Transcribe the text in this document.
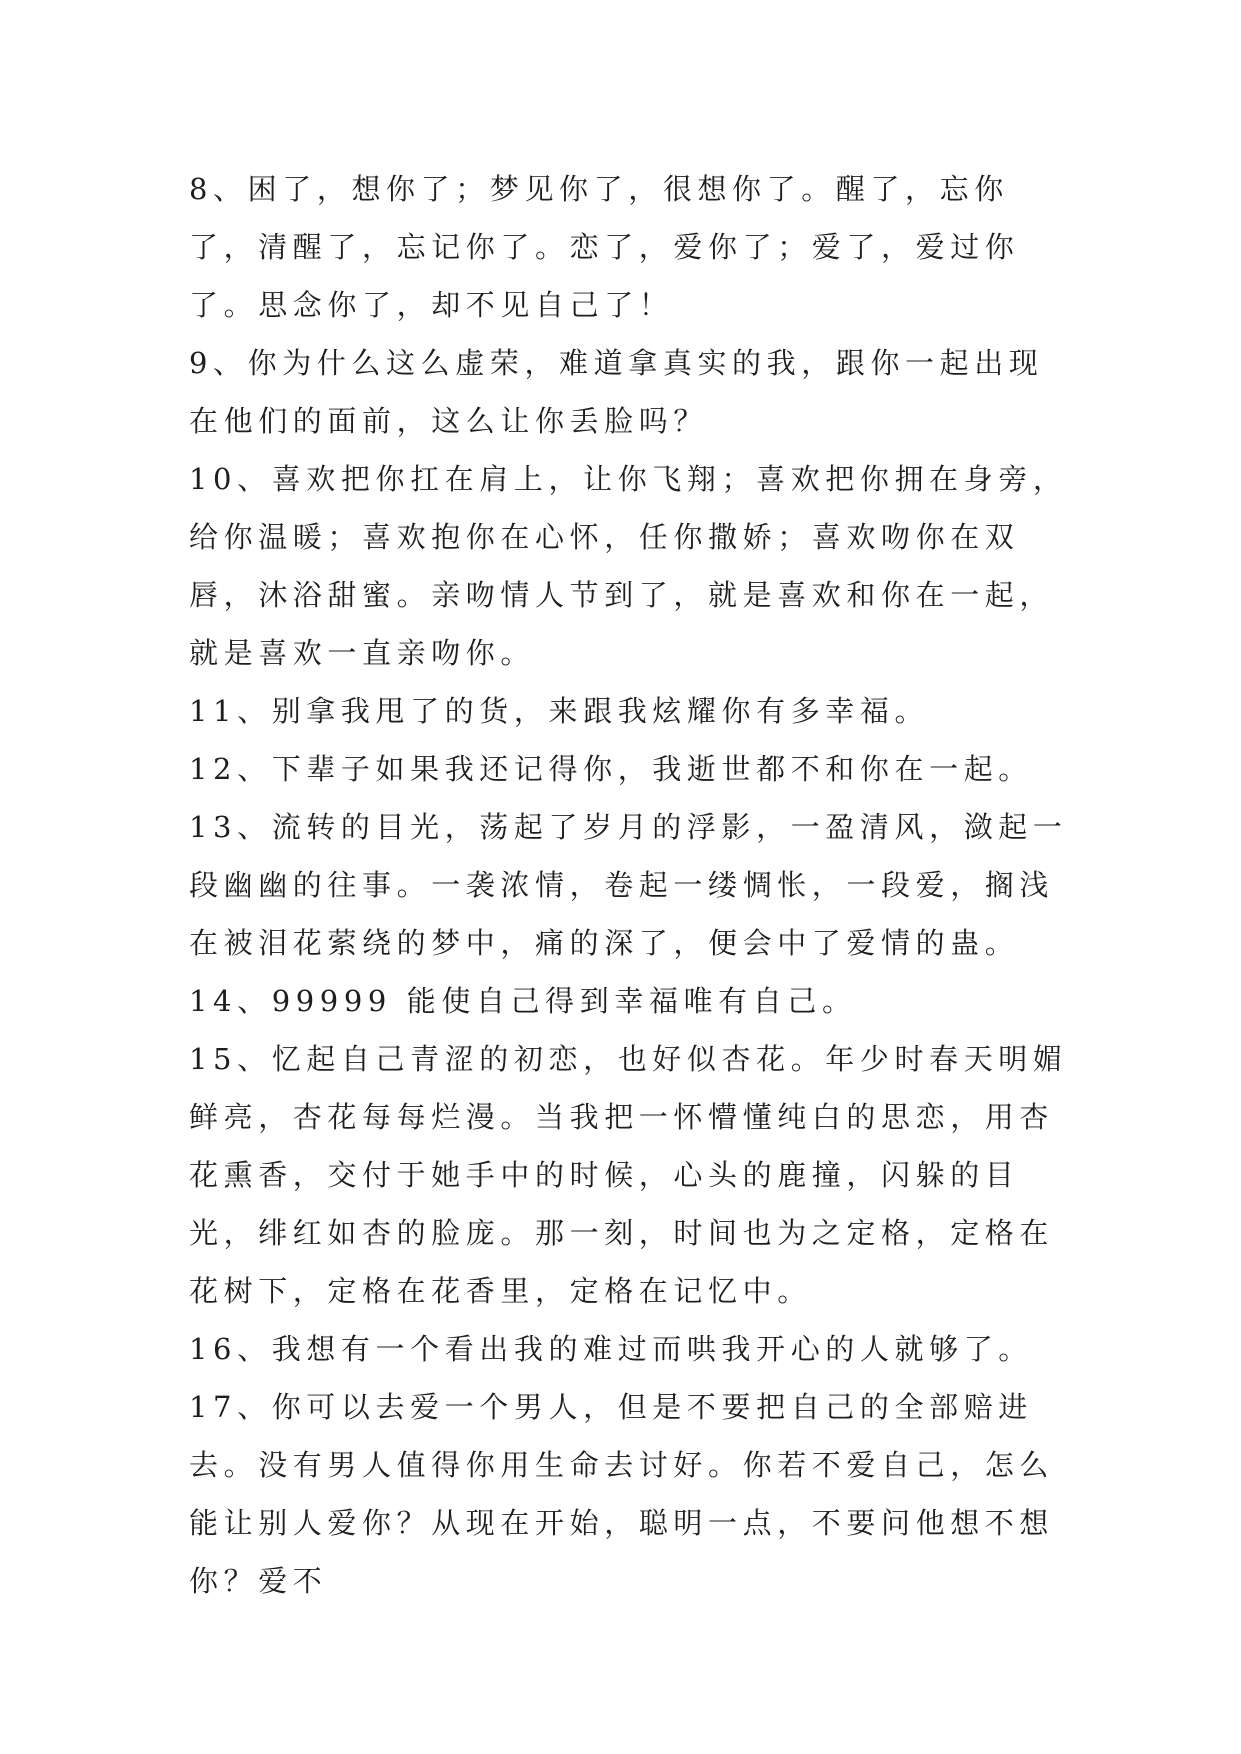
8、困了，想你了；梦见你了，很想你了。醒了，忘你了，清醒了，忘记你了。恋了，爱你了；爱了，爱过你了。思念你了，却不见自己了！

9、你为什么这么虚荣，难道拿真实的我，跟你一起出现在他们的面前，这么让你丢脸吗？

10、喜欢把你扛在肩上，让你飞翔；喜欢把你拥在身旁，给你温暖；喜欢抱你在心怀，任你撒娇；喜欢吻你在双唇，沐浴甜蜜。亲吻情人节到了，就是喜欢和你在一起，就是喜欢一直亲吻你。

11、别拿我甩了的货，来跟我炫耀你有多幸福。

12、下辈子如果我还记得你，我逝世都不和你在一起。

13、流转的目光，荡起了岁月的浮影，一盈清风，潋起一段幽幽的往事。一袭浓情，卷起一缕惆怅，一段爱，搁浅在被泪花萦绕的梦中，痛的深了，便会中了爱情的蛊。

14、99999 能使自己得到幸福唯有自己。

15、忆起自己青涩的初恋，也好似杏花。年少时春天明媚鲜亮，杏花每每烂漫。当我把一怀懵懂纯白的思恋，用杏花熏香，交付于她手中的时候，心头的鹿撞，闪躲的目光，绯红如杏的脸庞。那一刻，时间也为之定格，定格在花树下，定格在花香里，定格在记忆中。

16、我想有一个看出我的难过而哄我开心的人就够了。

17、你可以去爱一个男人，但是不要把自己的全部赔进去。没有男人值得你用生命去讨好。你若不爱自己，怎么能让别人爱你？从现在开始，聪明一点，不要问他想不想你？爱不
